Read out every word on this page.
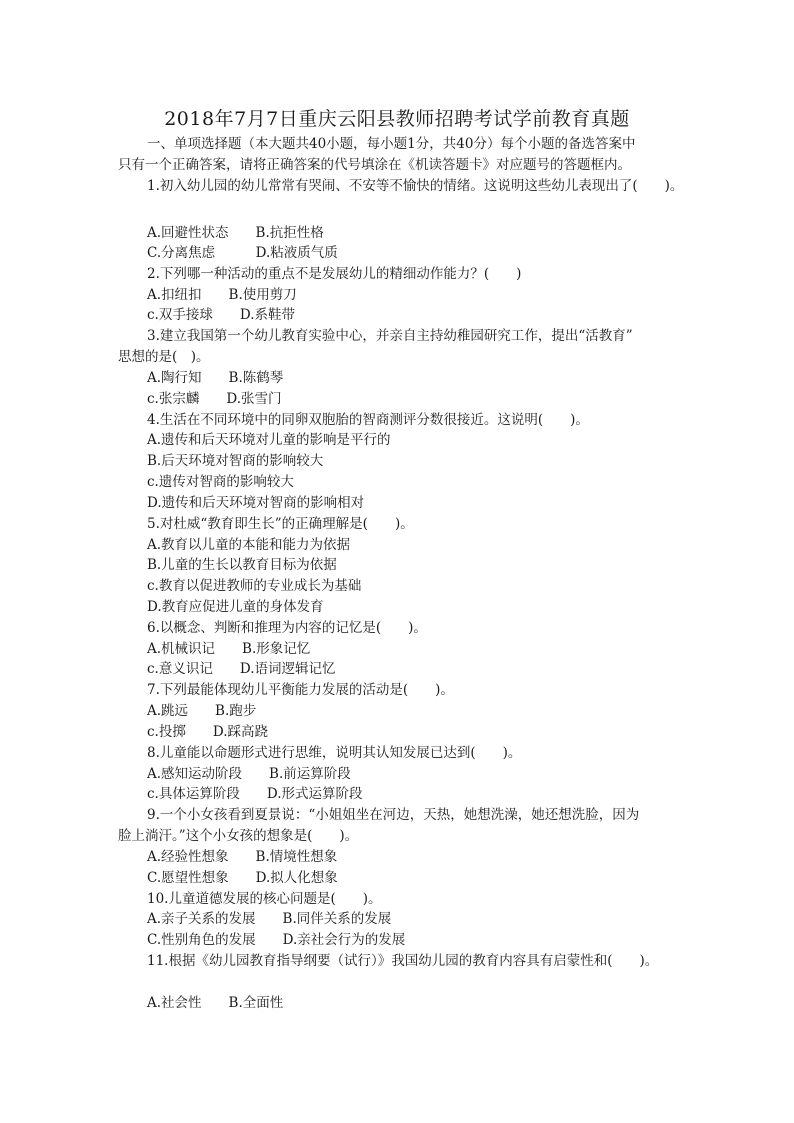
2018年7月7日重庆云阳县教师招聘考试学前教育真题
一、单项选择题（本大题共40小题，每小题1分，共40分）每个小题的备选答案中
只有一个正确答案，请将正确答案的代号填涂在《机读答题卡》对应题号的答题框内。
1.初入幼儿园的幼儿常常有哭闹、不安等不愉快的情绪。这说明这些幼儿表现出了(　　)。
A.回避性状态　　B.抗拒性格
C.分离焦虑　　　D.粘液质气质
2.下列哪一种活动的重点不是发展幼儿的精细动作能力？(　　)
A.扣纽扣　　B.使用剪刀
c.双手接球　　D.系鞋带
3.建立我国第一个幼儿教育实验中心，并亲自主持幼稚园研究工作，提出“活教育”
思想的是(　)。
A.陶行知　　B.陈鹤琴
c.张宗麟　　D.张雪门
4.生活在不同环境中的同卵双胞胎的智商测评分数很接近。这说明(　　)。
A.遗传和后天环境对儿童的影响是平行的
B.后天环境对智商的影响较大
c.遗传对智商的影响较大
D.遗传和后天环境对智商的影响相对
5.对杜威“教育即生长”的正确理解是(　　)。
A.教育以儿童的本能和能力为依据
B.儿童的生长以教育目标为依据
c.教育以促进教师的专业成长为基础
D.教育应促进儿童的身体发育
6.以概念、判断和推理为内容的记忆是(　　)。
A.机械识记　　B.形象记忆
c.意义识记　　D.语词逻辑记忆
7.下列最能体现幼儿平衡能力发展的活动是(　　)。
A.跳远　　B.跑步
c.投掷　　D.踩高跷
8.儿童能以命题形式进行思维，说明其认知发展已达到(　　)。
A.感知运动阶段　　B.前运算阶段
c.具体运算阶段　　D.形式运算阶段
9.一个小女孩看到夏景说：“小姐姐坐在河边，天热，她想洗澡，她还想洗脸，因为
脸上淌汗。”这个小女孩的想象是(　　)。
A.经验性想象　　B.情境性想象
C.愿望性想象　　D.拟人化想象
10.儿童道德发展的核心问题是(　　)。
A.亲子关系的发展　　B.同伴关系的发展
C.性别角色的发展　　D.亲社会行为的发展
11.根据《幼儿园教育指导纲要（试行）》我国幼儿园的教育内容具有启蒙性和(　　)。
A.社会性　　B.全面性
